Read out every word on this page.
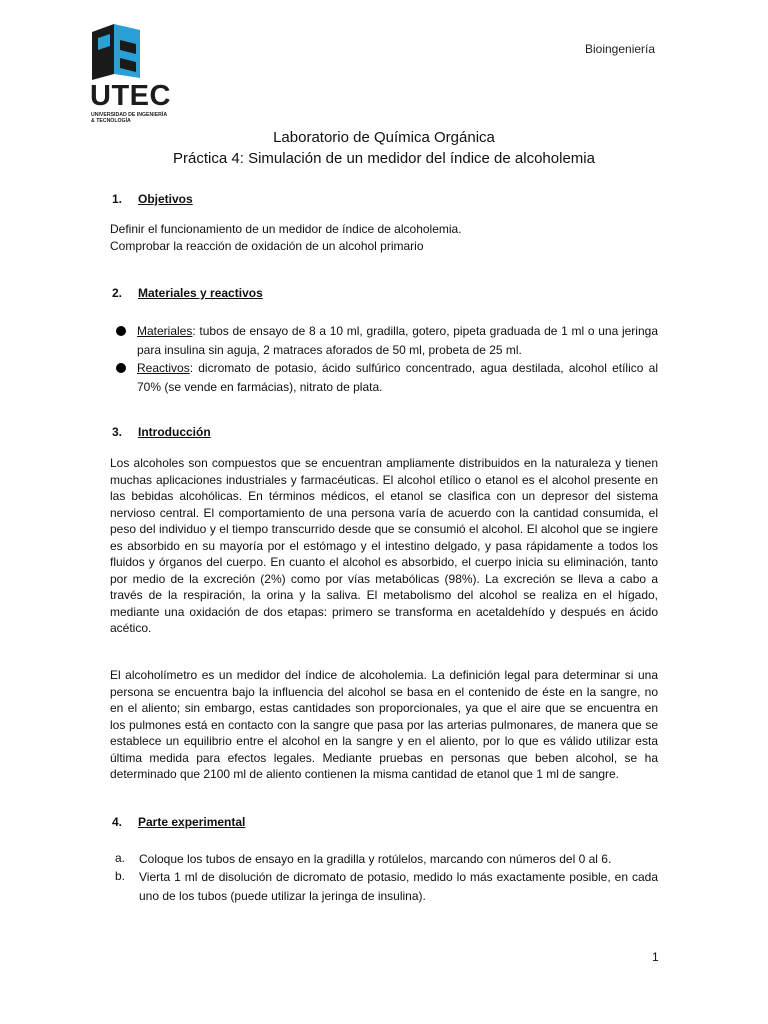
UTEC
UNIVERSIDAD DE INGENIERÍA
& TECNOLOGÍA
Bioingeniería
Laboratorio de Química Orgánica
Práctica 4: Simulación de un medidor del índice de alcoholemia
1. Objetivos
Definir el funcionamiento de un medidor de índice de alcoholemia.
Comprobar la reacción de oxidación de un alcohol primario
2. Materiales y reactivos

Materiales: tubos de ensayo de 8 a 10 ml, gradilla, gotero, pipeta graduada de 1 ml o una jeringa para insulina sin aguja, 2 matraces aforados de 50 ml, probeta de 25 ml.

Reactivos: dicromato de potasio, ácido sulfúrico concentrado, agua destilada, alcohol etílico al 70% (se vende en farmácias), nitrato de plata.

3. Introducción

Los alcoholes son compuestos que se encuentran ampliamente distribuidos en la naturaleza y tienen muchas aplicaciones industriales y farmacéuticas. El alcohol etílico o etanol es el alcohol presente en las bebidas alcohólicas. En términos médicos, el etanol se clasifica con un depresor del sistema nervioso central. El comportamiento de una persona varía de acuerdo con la cantidad consumida, el peso del individuo y el tiempo transcurrido desde que se consumió el alcohol. El alcohol que se ingiere es absorbido en su mayoría por el estómago y el intestino delgado, y pasa rápidamente a todos los fluidos y órganos del cuerpo. En cuanto el alcohol es absorbido, el cuerpo inicia su eliminación, tanto por medio de la excreción (2%) como por vías metabólicas (98%). La excreción se lleva a cabo a través de la respiración, la orina y la saliva. El metabolismo del alcohol se realiza en el hígado, mediante una oxidación de dos etapas: primero se transforma en acetaldehído y después en ácido acético.

El alcoholímetro es un medidor del índice de alcoholemia. La definición legal para determinar si una persona se encuentra bajo la influencia del alcohol se basa en el contenido de éste en la sangre, no en el aliento; sin embargo, estas cantidades son proporcionales, ya que el aire que se encuentra en los pulmones está en contacto con la sangre que pasa por las arterias pulmonares, de manera que se establece un equilibrio entre el alcohol en la sangre y en el aliento, por lo que es válido utilizar esta última medida para efectos legales. Mediante pruebas en personas que beben alcohol, se ha determinado que 2100 ml de aliento contienen la misma cantidad de etanol que 1 ml de sangre.

4. Parte experimental
a. Coloque los tubos de ensayo en la gradilla y rotúlelos, marcando con números del 0 al 6.

b. Vierta 1 ml de disolución de dicromato de potasio, medido lo más exactamente posible, en cada uno de los tubos (puede utilizar la jeringa de insulina).

1
